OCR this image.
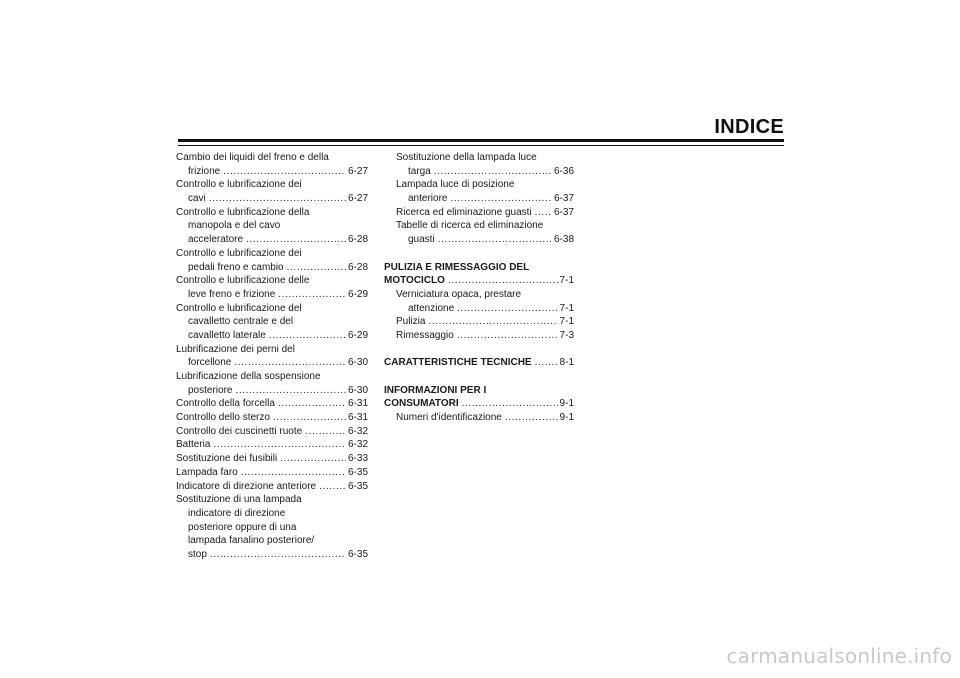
INDICE
Cambio dei liquidi del freno e della
frizione .....	6-27
Controllo e lubrificazione dei
cavi .....	6-27
Controllo e lubrificazione della
manopola e del cavo
acceleratore .....	6-28
Controllo e lubrificazione dei
pedali freno e cambio .....	6-28
Controllo e lubrificazione delle
leve freno e frizione .....	6-29
Controllo e lubrificazione del
cavalletto centrale e del
cavalletto laterale .....	6-29
Lubrificazione dei perni del
forcellone .....	6-30
Lubrificazione della sospensione
posteriore .....	6-30
Controllo della forcella .....	6-31
Controllo dello sterzo .....	6-31
Controllo dei cuscinetti ruote .....	6-32
Batteria .....	6-32
Sostituzione dei fusibili .....	6-33
Lampada faro .....	6-35
Indicatore di direzione anteriore .....	6-35
Sostituzione di una lampada
indicatore di direzione
posteriore oppure di una
lampada fanalino posteriore/
stop .....	6-35
Sostituzione della lampada luce
targa .....	6-36
Lampada luce di posizione
anteriore .....	6-37
Ricerca ed eliminazione guasti ..... 6-37
Tabelle di ricerca ed eliminazione
guasti .....	6-38
PULIZIA E RIMESSAGGIO DEL
MOTOCICLO .....	7-1
Verniciatura opaca, prestare
attenzione .....	7-1
Pulizia .....	7-1
Rimessaggio .....	7-3
CARATTERISTICHE TECNICHE .....	8-1
INFORMAZIONI PER I
CONSUMATORI .....	9-1
Numeri d'identificazione .....	9-1
carmanualsonline.info
